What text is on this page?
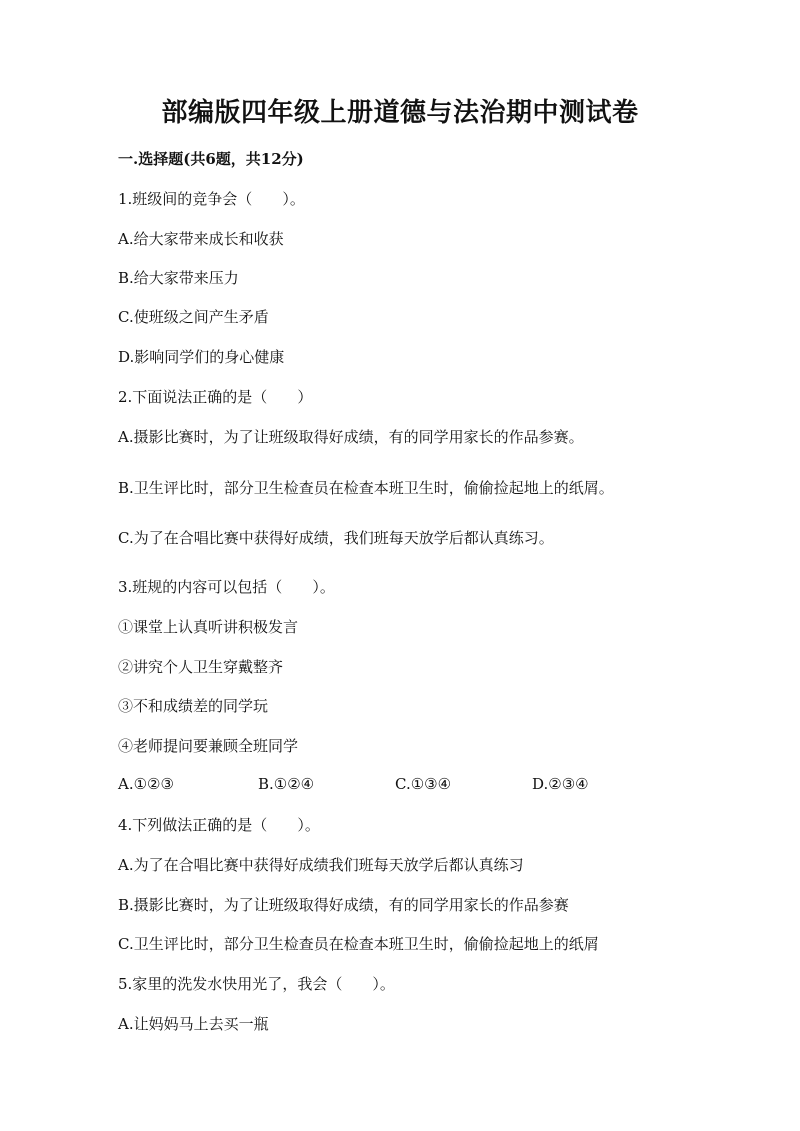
部编版四年级上册道德与法治期中测试卷
一.选择题(共6题，共12分)
1.班级间的竞争会（　　）。
A.给大家带来成长和收获
B.给大家带来压力
C.使班级之间产生矛盾
D.影响同学们的身心健康
2.下面说法正确的是（　　）
A.摄影比赛时，为了让班级取得好成绩，有的同学用家长的作品参赛。
B.卫生评比时，部分卫生检查员在检查本班卫生时，偷偷捡起地上的纸屑。
C.为了在合唱比赛中获得好成绩，我们班每天放学后都认真练习。
3.班规的内容可以包括（　　）。
①课堂上认真听讲积极发言
②讲究个人卫生穿戴整齐
③不和成绩差的同学玩
④老师提问要兼顾全班同学
A.①②③	B.①②④	C.①③④	D.②③④
4.下列做法正确的是（　　）。
A.为了在合唱比赛中获得好成绩我们班每天放学后都认真练习
B.摄影比赛时，为了让班级取得好成绩，有的同学用家长的作品参赛
C.卫生评比时，部分卫生检查员在检查本班卫生时，偷偷捡起地上的纸屑
5.家里的洗发水快用光了，我会（　　）。
A.让妈妈马上去买一瓶
